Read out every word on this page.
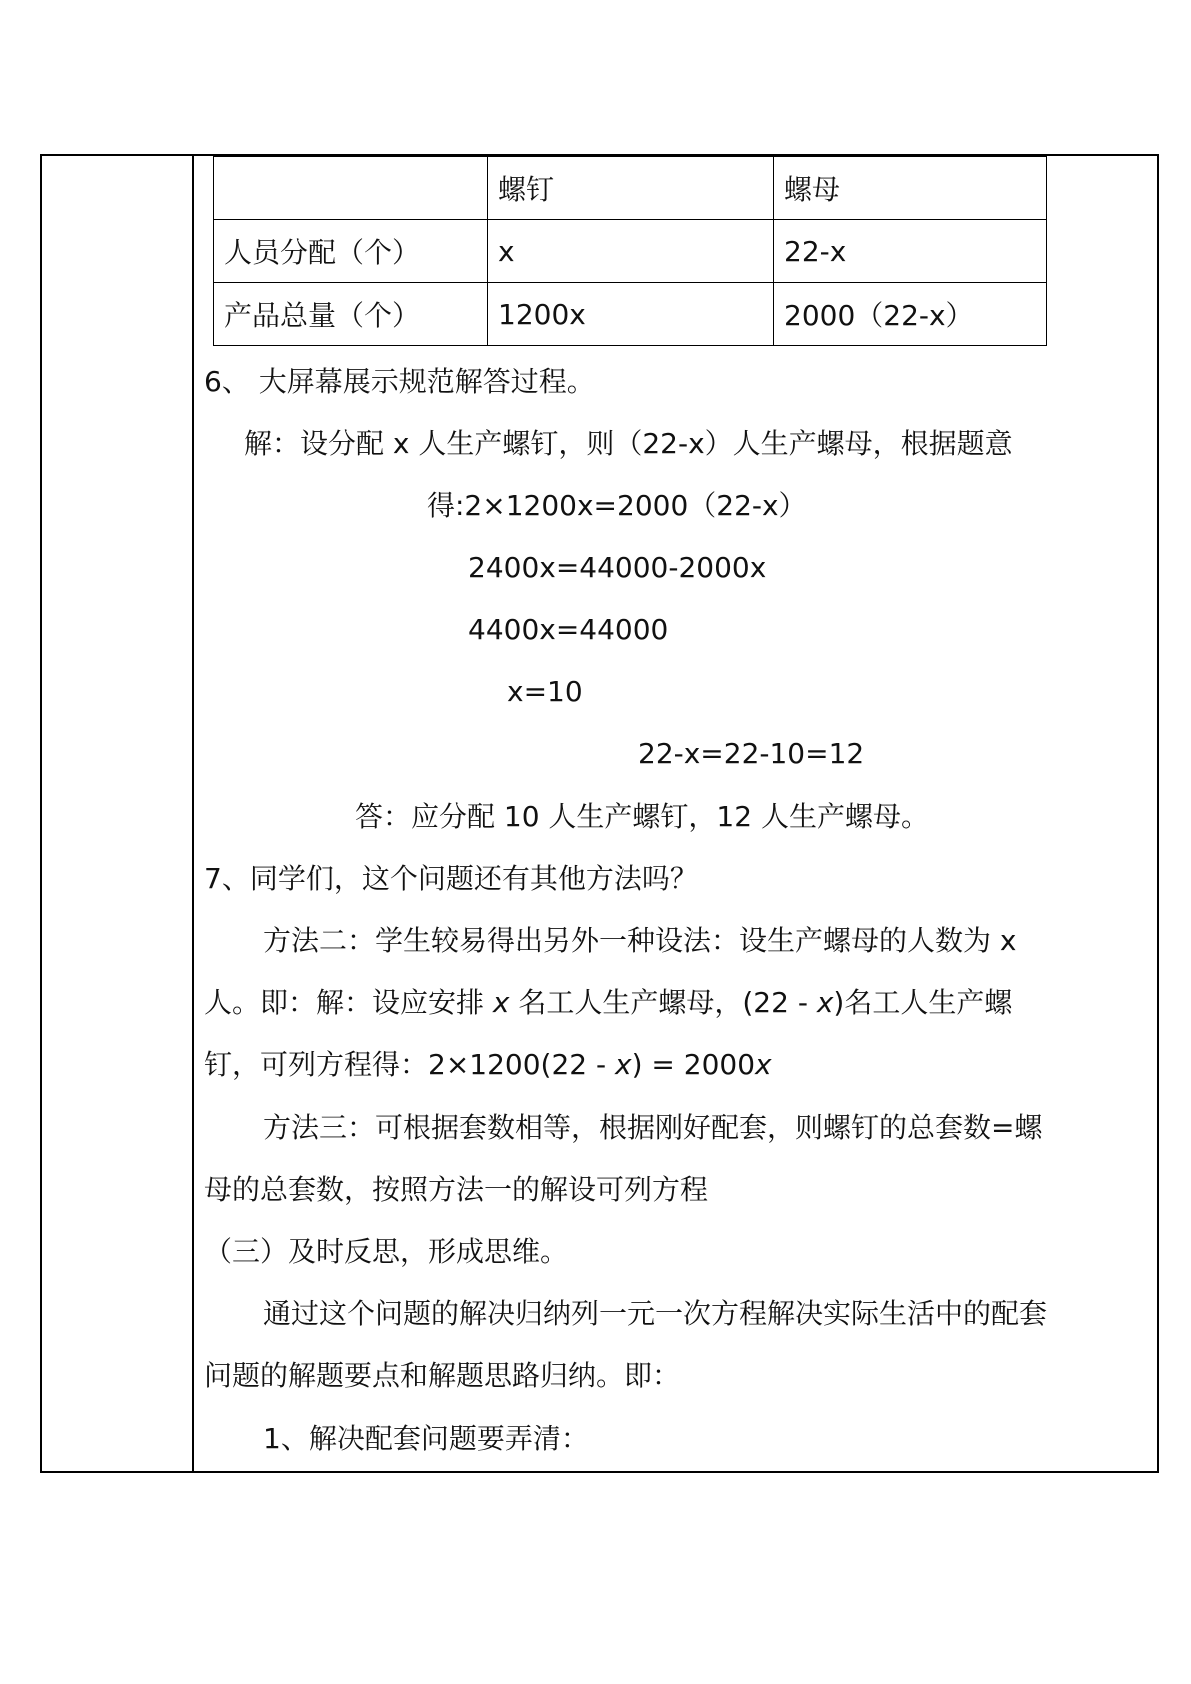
	螺钉	螺母
人员分配（个）	x	22-x
产品总量（个）	1200x	2000（22-x）

6、 大屏幕展示规范解答过程。

解：设分配 x 人生产螺钉，则（22-x）人生产螺母，根据题意

得:2×1200x=2000（22-x）

2400x=44000-2000x

4400x=44000

x=10

22-x=22-10=12

答：应分配 10 人生产螺钉，12 人生产螺母。

7、同学们，这个问题还有其他方法吗？

方法二：学生较易得出另外一种设法：设生产螺母的人数为 x

人。即：解：设应安排 x 名工人生产螺母，(22 - x)名工人生产螺

钉，可列方程得：2×1200(22 - x) = 2000x

方法三：可根据套数相等，根据刚好配套，则螺钉的总套数=螺

母的总套数，按照方法一的解设可列方程

（三）及时反思，形成思维。

通过这个问题的解决归纳列一元一次方程解决实际生活中的配套

问题的解题要点和解题思路归纳。即：

1、解决配套问题要弄清：
